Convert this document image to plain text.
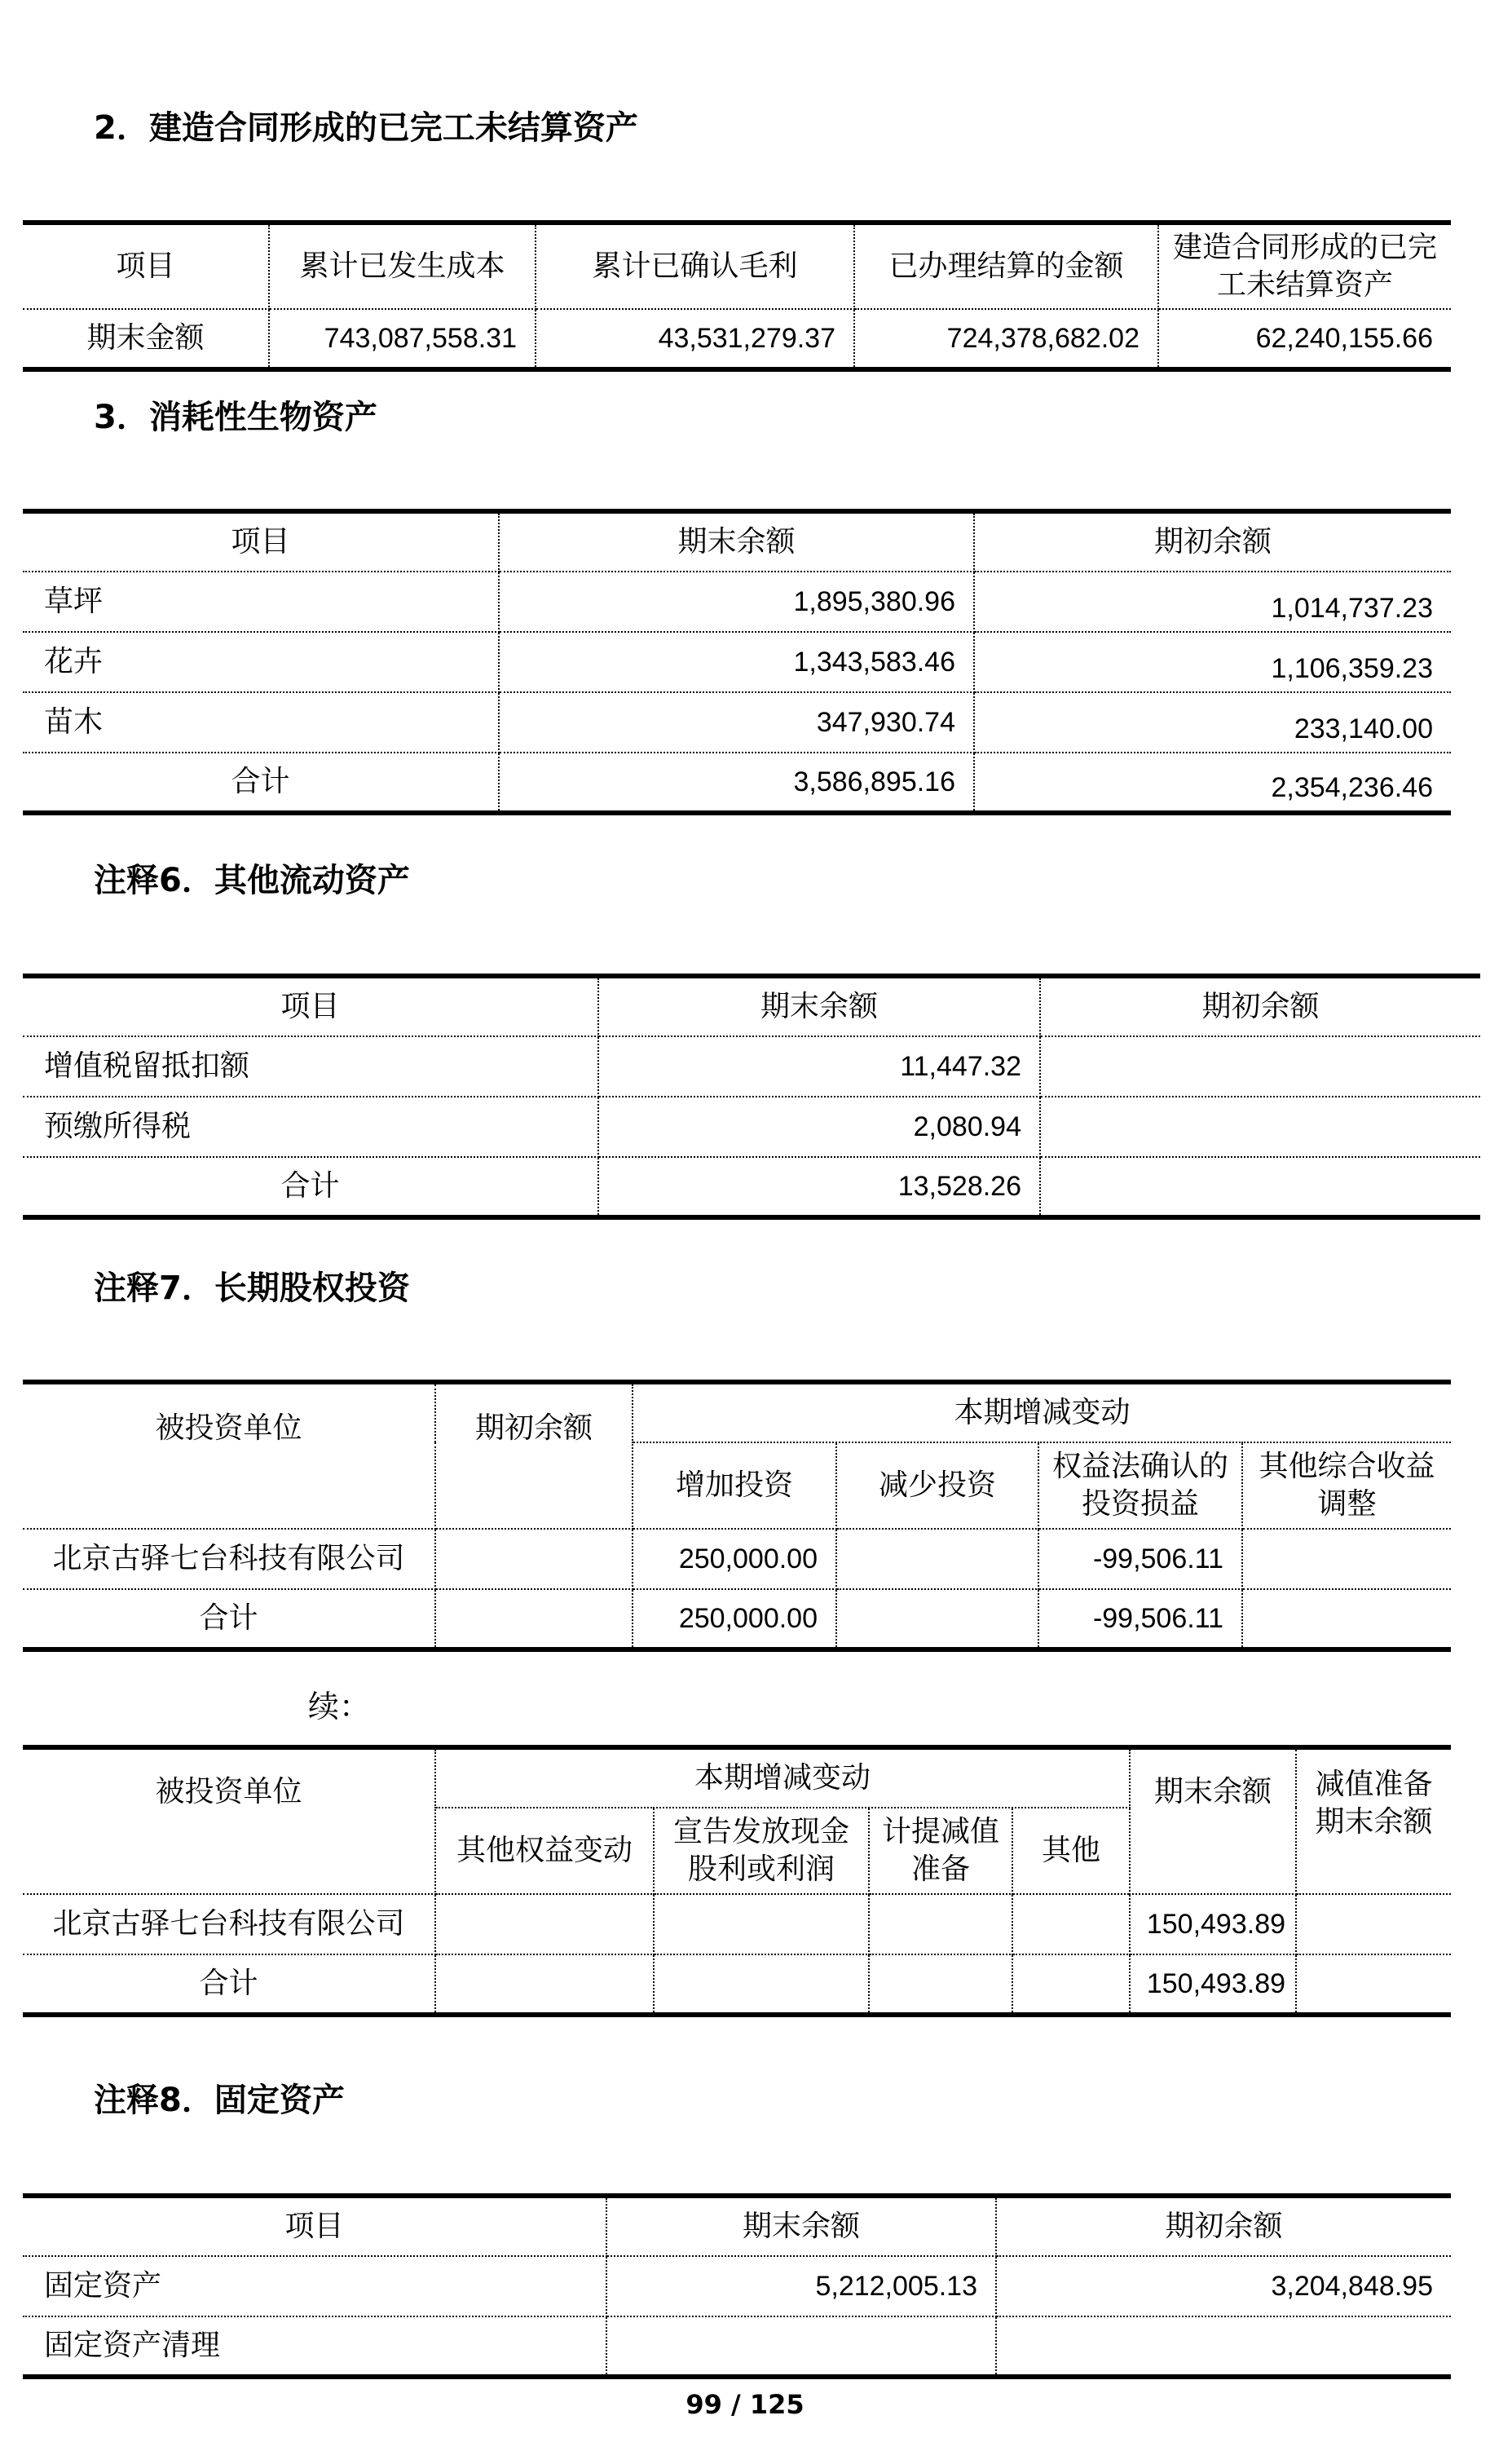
2．建造合同形成的已完工未结算资产
项目	累计已发生成本	累计已确认毛利	已办理结算的金额	建造合同形成的已完工未结算资产
期末金额	743,087,558.31	43,531,279.37	724,378,682.02	62,240,155.66
3．消耗性生物资产
项目	期末余额	期初余额
草坪	1,895,380.96	1,014,737.23
花卉	1,343,583.46	1,106,359.23
苗木	347,930.74	233,140.00
合计	3,586,895.16	2,354,236.46
注释6．其他流动资产
项目	期末余额	期初余额
增值税留抵扣额	11,447.32	
预缴所得税	2,080.94	
合计	13,528.26	
注释7．长期股权投资
被投资单位	期初余额	本期增减变动			
		增加投资	减少投资	权益法确认的投资损益	其他综合收益调整
北京古驿七台科技有限公司		250,000.00		-99,506.11	
合计		250,000.00		-99,506.11	
续：
被投资单位	本期增减变动				期末余额	减值准备期末余额
	其他权益变动	宣告发放现金股利或利润	计提减值准备	其他		
北京古驿七台科技有限公司					150,493.89	
合计					150,493.89	
注释8．固定资产
项目	期末余额	期初余额
固定资产	5,212,005.13	3,204,848.95
固定资产清理		
99 / 125
